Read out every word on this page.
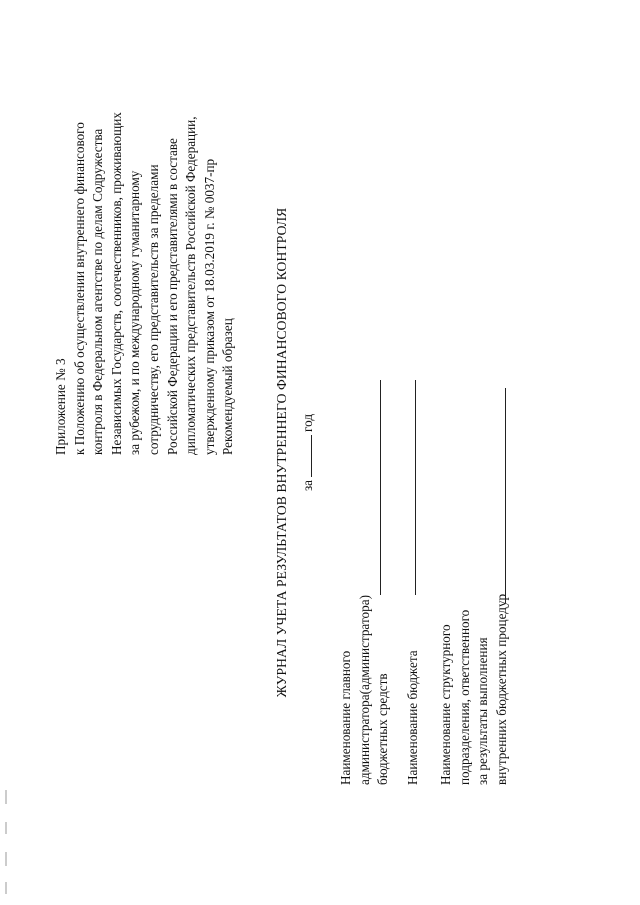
Приложение № 3 к Положению об осуществлении внутреннего финансового контроля в Федеральном агентстве по делам Содружества Независимых Государств, соотечественников, проживающих за рубежом, и по международному гуманитарному сотрудничеству, его представительств за пределами Российской Федерации и его представителями в составе дипломатических представительств Российской Федерации, утвержденному приказом от 18.03.2019 г. № 0037-пр Рекомендуемый образец	ЖУРНАЛ УЧЕТА РЕЗУЛЬТАТОВ ВНУТРЕННЕГО ФИНАНСОВОГО КОНТРОЛЯ загод
Наименование главного администратора(администратора) бюджетных средств Наименование бюджета Наименование структурного подразделения, ответственного за результаты выполнения внутренних бюджетных процедур
